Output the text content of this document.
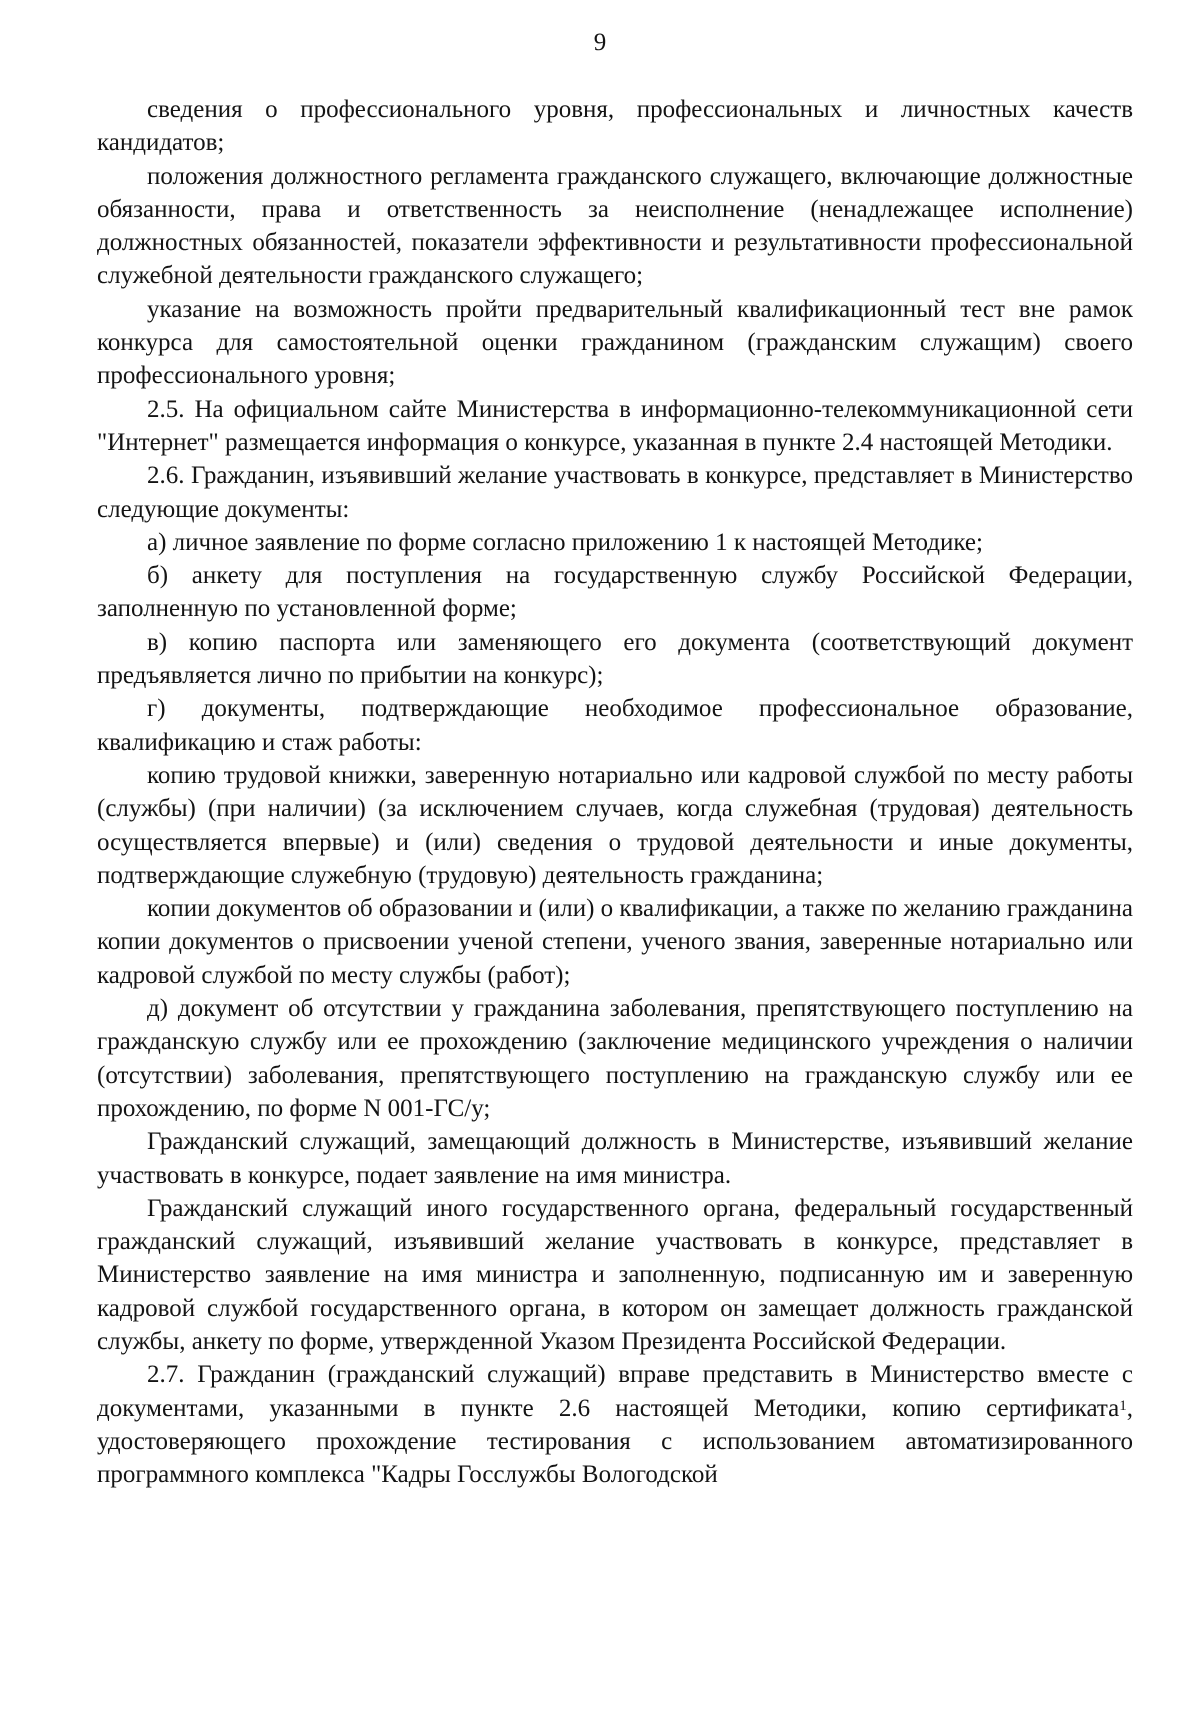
9

сведения о профессионального уровня, профессиональных и личностных качеств кандидатов;

положения должностного регламента гражданского служащего, включающие должностные обязанности, права и ответственность за неисполнение (ненадлежащее исполнение) должностных обязанностей, показатели эффективности и результативности профессиональной служебной деятельности гражданского служащего;

указание на возможность пройти предварительный квалификационный тест вне рамок конкурса для самостоятельной оценки гражданином (гражданским служащим) своего профессионального уровня;

2.5. На официальном сайте Министерства в информационно-телекоммуникационной сети "Интернет" размещается информация о конкурсе, указанная в пункте 2.4 настоящей Методики.

2.6. Гражданин, изъявивший желание участвовать в конкурсе, представляет в Министерство следующие документы:

а) личное заявление по форме согласно приложению 1 к настоящей Методике;

б) анкету для поступления на государственную службу Российской Федерации, заполненную по установленной форме;

в) копию паспорта или заменяющего его документа (соответствующий документ предъявляется лично по прибытии на конкурс);

г) документы, подтверждающие необходимое профессиональное образование, квалификацию и стаж работы:

копию трудовой книжки, заверенную нотариально или кадровой службой по месту работы (службы) (при наличии) (за исключением случаев, когда служебная (трудовая) деятельность осуществляется впервые) и (или) сведения о трудовой деятельности и иные документы, подтверждающие служебную (трудовую) деятельность гражданина;

копии документов об образовании и (или) о квалификации, а также по желанию гражданина копии документов о присвоении ученой степени, ученого звания, заверенные нотариально или кадровой службой по месту службы (работ);

д) документ об отсутствии у гражданина заболевания, препятствующего поступлению на гражданскую службу или ее прохождению (заключение медицинского учреждения о наличии (отсутствии) заболевания, препятствующего поступлению на гражданскую службу или ее прохождению, по форме N 001-ГС/у;

Гражданский служащий, замещающий должность в Министерстве, изъявивший желание участвовать в конкурсе, подает заявление на имя министра.

Гражданский служащий иного государственного органа, федеральный государственный гражданский служащий, изъявивший желание участвовать в конкурсе, представляет в Министерство заявление на имя министра и заполненную, подписанную им и заверенную кадровой службой государственного органа, в котором он замещает должность гражданской службы, анкету по форме, утвержденной Указом Президента Российской Федерации.

2.7. Гражданин (гражданский служащий) вправе представить в Министерство вместе с документами, указанными в пункте 2.6 настоящей Методики, копию сертификата$^1$, удостоверяющего прохождение тестирования с использованием автоматизированного программного комплекса "Кадры Госслужбы Вологодской
